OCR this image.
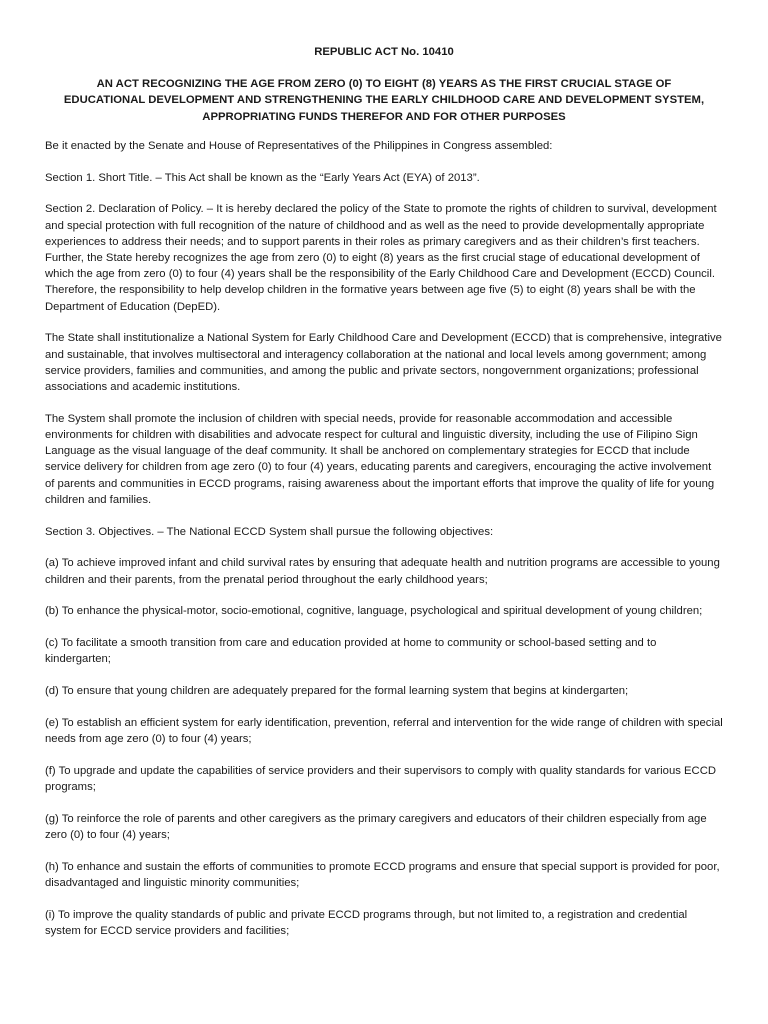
REPUBLIC ACT No. 10410

AN ACT RECOGNIZING THE AGE FROM ZERO (0) TO EIGHT (8) YEARS AS THE FIRST CRUCIAL STAGE OF EDUCATIONAL DEVELOPMENT AND STRENGTHENING THE EARLY CHILDHOOD CARE AND DEVELOPMENT SYSTEM, APPROPRIATING FUNDS THEREFOR AND FOR OTHER PURPOSES

Be it enacted by the Senate and House of Representatives of the Philippines in Congress assembled:

Section 1. Short Title. – This Act shall be known as the “Early Years Act (EYA) of 2013”.

Section 2. Declaration of Policy. – It is hereby declared the policy of the State to promote the rights of children to survival, development and special protection with full recognition of the nature of childhood and as well as the need to provide developmentally appropriate experiences to address their needs; and to support parents in their roles as primary caregivers and as their children’s first teachers. Further, the State hereby recognizes the age from zero (0) to eight (8) years as the first crucial stage of educational development of which the age from zero (0) to four (4) years shall be the responsibility of the Early Childhood Care and Development (ECCD) Council. Therefore, the responsibility to help develop children in the formative years between age five (5) to eight (8) years shall be with the Department of Education (DepED).

The State shall institutionalize a National System for Early Childhood Care and Development (ECCD) that is comprehensive, integrative and sustainable, that involves multisectoral and interagency collaboration at the national and local levels among government; among service providers, families and communities, and among the public and private sectors, nongovernment organizations; professional associations and academic institutions.

The System shall promote the inclusion of children with special needs, provide for reasonable accommodation and accessible environments for children with disabilities and advocate respect for cultural and linguistic diversity, including the use of Filipino Sign Language as the visual language of the deaf community. It shall be anchored on complementary strategies for ECCD that include service delivery for children from age zero (0) to four (4) years, educating parents and caregivers, encouraging the active involvement of parents and communities in ECCD programs, raising awareness about the important efforts that improve the quality of life for young children and families.

Section 3. Objectives. – The National ECCD System shall pursue the following objectives:

(a) To achieve improved infant and child survival rates by ensuring that adequate health and nutrition programs are accessible to young children and their parents, from the prenatal period throughout the early childhood years;

(b) To enhance the physical-motor, socio-emotional, cognitive, language, psychological and spiritual development of young children;

(c) To facilitate a smooth transition from care and education provided at home to community or school-based setting and to kindergarten;

(d) To ensure that young children are adequately prepared for the formal learning system that begins at kindergarten;

(e) To establish an efficient system for early identification, prevention, referral and intervention for the wide range of children with special needs from age zero (0) to four (4) years;

(f) To upgrade and update the capabilities of service providers and their supervisors to comply with quality standards for various ECCD programs;

(g) To reinforce the role of parents and other caregivers as the primary caregivers and educators of their children especially from age zero (0) to four (4) years;

(h) To enhance and sustain the efforts of communities to promote ECCD programs and ensure that special support is provided for poor, disadvantaged and linguistic minority communities;

(i) To improve the quality standards of public and private ECCD programs through, but not limited to, a registration and credential system for ECCD service providers and facilities;
